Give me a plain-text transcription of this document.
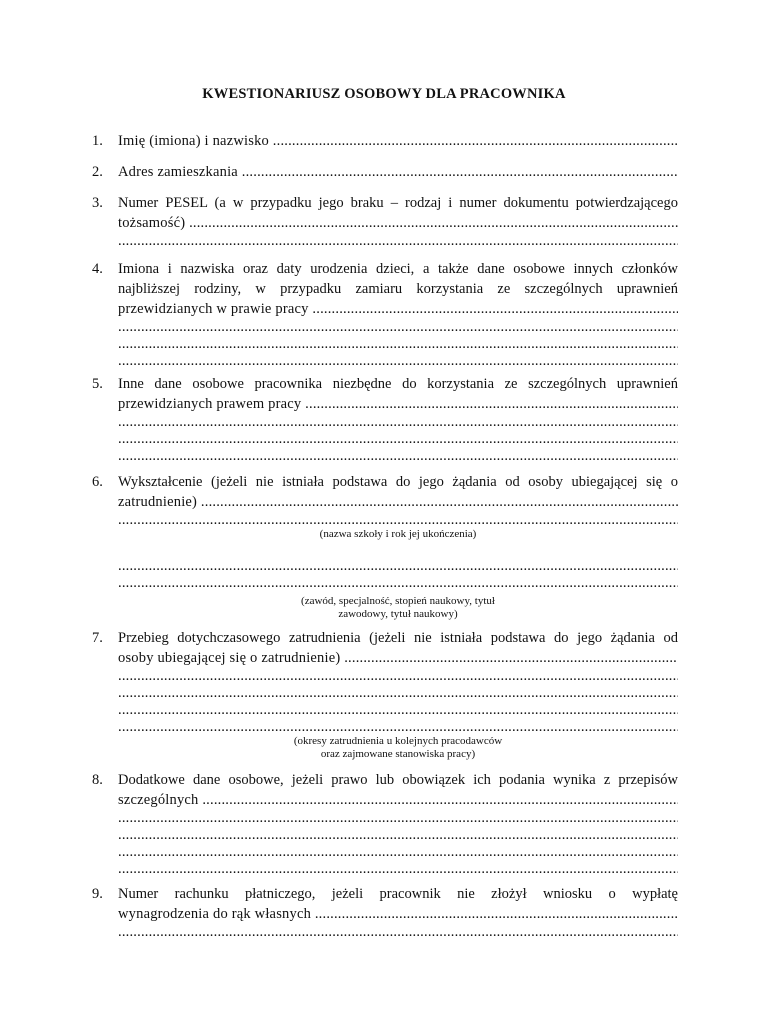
KWESTIONARIUSZ OSOBOWY DLA PRACOWNIKA
1. Imię (imiona) i nazwisko .....
2. Adres zamieszkania .....
3. Numer PESEL (a w przypadku jego braku – rodzaj i numer dokumentu potwierdzającego
tożsamość) .....
.....
4. Imiona i nazwiska oraz daty urodzenia dzieci, a także dane osobowe innych członków
najbliższej rodziny, w przypadku zamiaru korzystania ze szczególnych uprawnień
przewidzianych w prawie pracy .....
.....
.....
.....
5. Inne dane osobowe pracownika niezbędne do korzystania ze szczególnych uprawnień
przewidzianych prawem pracy .....
.....
.....
.....
6. Wykształcenie (jeżeli nie istniała podstawa do jego żądania od osoby ubiegającej się o
zatrudnienie) .....
.....
(nazwa szkoły i rok jej ukończenia)
.....
.....
(zawód, specjalność, stopień naukowy, tytuł
zawodowy, tytuł naukowy)
7. Przebieg dotychczasowego zatrudnienia (jeżeli nie istniała podstawa do jego żądania od
osoby ubiegającej się o zatrudnienie) .....
.....
.....
.....
.....
(okresy zatrudnienia u kolejnych pracodawców
oraz zajmowane stanowiska pracy)
8. Dodatkowe dane osobowe, jeżeli prawo lub obowiązek ich podania wynika z przepisów
szczególnych .....
.....
.....
.....
.....
9. Numer rachunku płatniczego, jeżeli pracownik nie złożył wniosku o wypłatę
wynagrodzenia do rąk własnych .....
.....
